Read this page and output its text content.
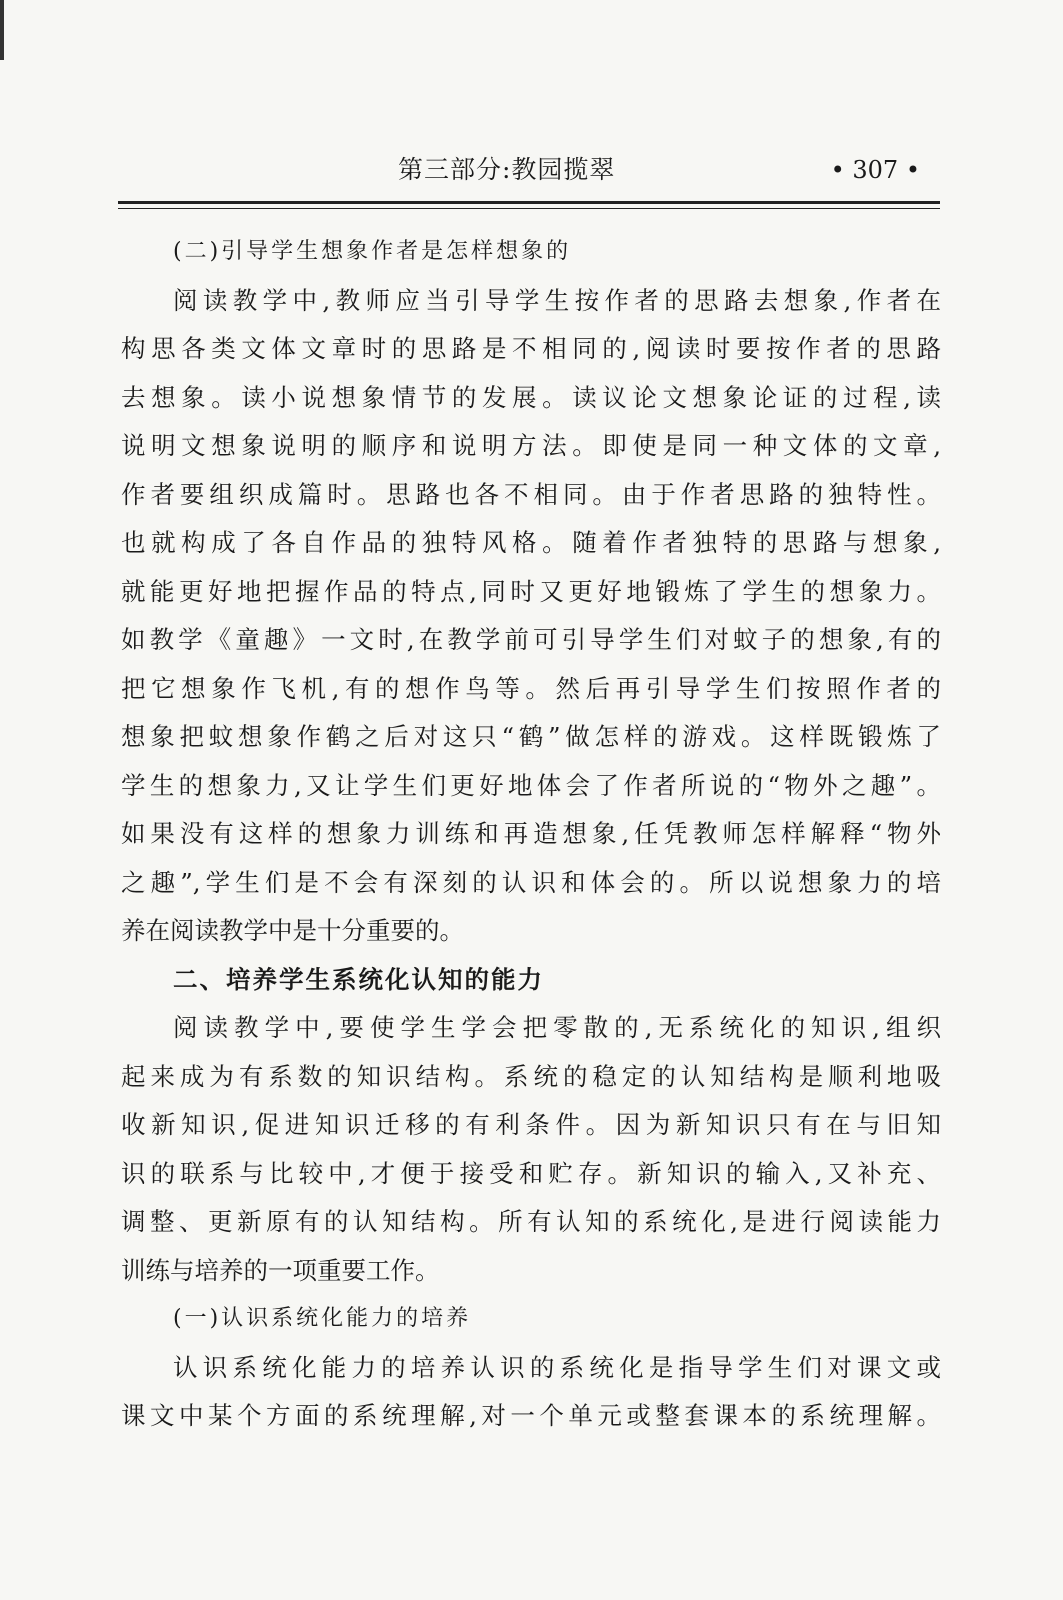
第三部分:教园揽翠	• 307 •
(二)引导学生想象作者是怎样想象的
阅读教学中,教师应当引导学生按作者的思路去想象,作者在
构思各类文体文章时的思路是不相同的,阅读时要按作者的思路
去想象。读小说想象情节的发展。读议论文想象论证的过程,读
说明文想象说明的顺序和说明方法。即使是同一种文体的文章,
作者要组织成篇时。思路也各不相同。由于作者思路的独特性。
也就构成了各自作品的独特风格。随着作者独特的思路与想象,
就能更好地把握作品的特点,同时又更好地锻炼了学生的想象力。
如教学《童趣》一文时,在教学前可引导学生们对蚊子的想象,有的
把它想象作飞机,有的想作鸟等。然后再引导学生们按照作者的
想象把蚊想象作鹤之后对这只“鹤”做怎样的游戏。这样既锻炼了
学生的想象力,又让学生们更好地体会了作者所说的“物外之趣”。
如果没有这样的想象力训练和再造想象,任凭教师怎样解释“物外
之趣”,学生们是不会有深刻的认识和体会的。所以说想象力的培
养在阅读教学中是十分重要的。
二、培养学生系统化认知的能力
阅读教学中,要使学生学会把零散的,无系统化的知识,组织
起来成为有系数的知识结构。系统的稳定的认知结构是顺利地吸
收新知识,促进知识迁移的有利条件。因为新知识只有在与旧知
识的联系与比较中,才便于接受和贮存。新知识的输入,又补充、
调整、更新原有的认知结构。所有认知的系统化,是进行阅读能力
训练与培养的一项重要工作。
(一)认识系统化能力的培养
认识系统化能力的培养认识的系统化是指导学生们对课文或
课文中某个方面的系统理解,对一个单元或整套课本的系统理解。
